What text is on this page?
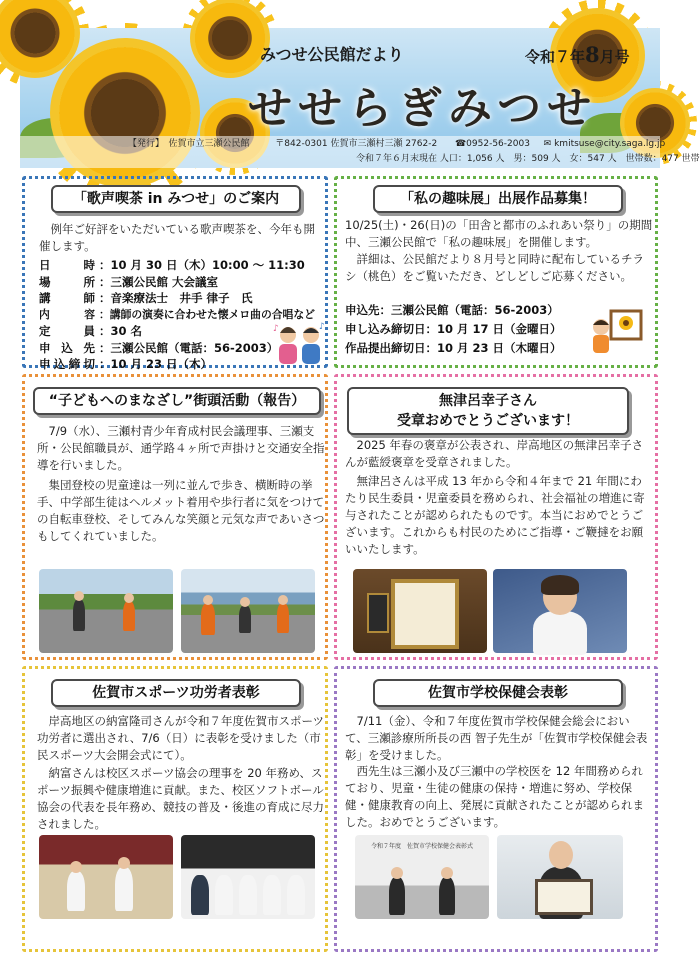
みつせ公民館だより	令和７年8月号
せせらぎみつせ
【発行】　佐賀市立三瀬公民館	〒842-0301 佐賀市三瀬村三瀬 2762-2 ☎0952-56-2003 ✉ kmitsuse@city.saga.lg.jp
令和７年６月末現在 人口：1,056 人　男：509 人　女：547 人　世帯数：477 世帯
「歌声喫茶 in みつせ」のご案内
例年ご好評をいただいている歌声喫茶を、今年も開催します。
日　　時 ：10 月 30 日（木）10:00 ～ 11:30
場　　所 ：三瀬公民館 大会議室
講　　師 ：音楽療法士　井手 律子　氏
内　　容 ：講師の演奏に合わせた懐メロ曲の合唱など
定　　員 ：30 名
申 込 先 ：三瀬公民館（電話：56-2003）
申込締切 ：10 月 23 日（木）
♪	♪
「私の趣味展」出展作品募集！
10/25(土)・26(日)の「田舎と都市のふれあい祭り」の期間中、三瀬公民館で「私の趣味展」を開催します。
詳細は、公民館だより８月号と同時に配布しているチラシ（桃色）をご覧いただき、どしどしご応募ください。
申込先：三瀬公民館（電話：56-2003）
申し込み締切日：10 月 17 日（金曜日）
作品提出締切日：10 月 23 日（木曜日）
“子どもへのまなざし”街頭活動（報告）
7/9（水）、三瀬村青少年育成村民会議理事、三瀬支所・公民館職員が、通学路４ヶ所で声掛けと交通安全指導を行いました。
集団登校の児童達は一列に並んで歩き、横断時の挙手、中学部生徒はヘルメット着用や歩行者に気をつけての自転車登校、そしてみんな笑顔と元気な声であいさつもしてくれていました。
無津呂幸子さん
受章おめでとうございます！
2025 年春の褒章が公表され、岸高地区の無津呂幸子さんが藍綬褒章を受章されました。
無津呂さんは平成 13 年から令和４年まで 21 年間にわたり民生委員・児童委員を務められ、社会福祉の増進に寄与されたことが認められたものです。本当におめでとうございます。これからも村民のためにご指導・ご鞭撻をお願いいたします。
佐賀市スポーツ功労者表彰
岸高地区の納富隆司さんが令和７年度佐賀市スポーツ功労者に選出され、7/6（日）に表彰を受けました（市民スポーツ大会開会式にて）。
納富さんは校区スポーツ協会の理事を 20 年務め、スポーツ振興や健康増進に貢献。また、校区ソフトボール協会の代表を長年務め、競技の普及・後進の育成に尽力されました。
佐賀市学校保健会表彰
7/11（金）、令和７年度佐賀市学校保健会総会において、三瀬診療所所長の西 智子先生が「佐賀市学校保健会表彰」を受けました。
西先生は三瀬小及び三瀬中の学校医を 12 年間務められており、児童・生徒の健康の保持・増進に努め、学校保健・健康教育の向上、発展に貢献されたことが認められました。おめでとうございます。
令和７年度　佐賀市学校保健会表彰式
